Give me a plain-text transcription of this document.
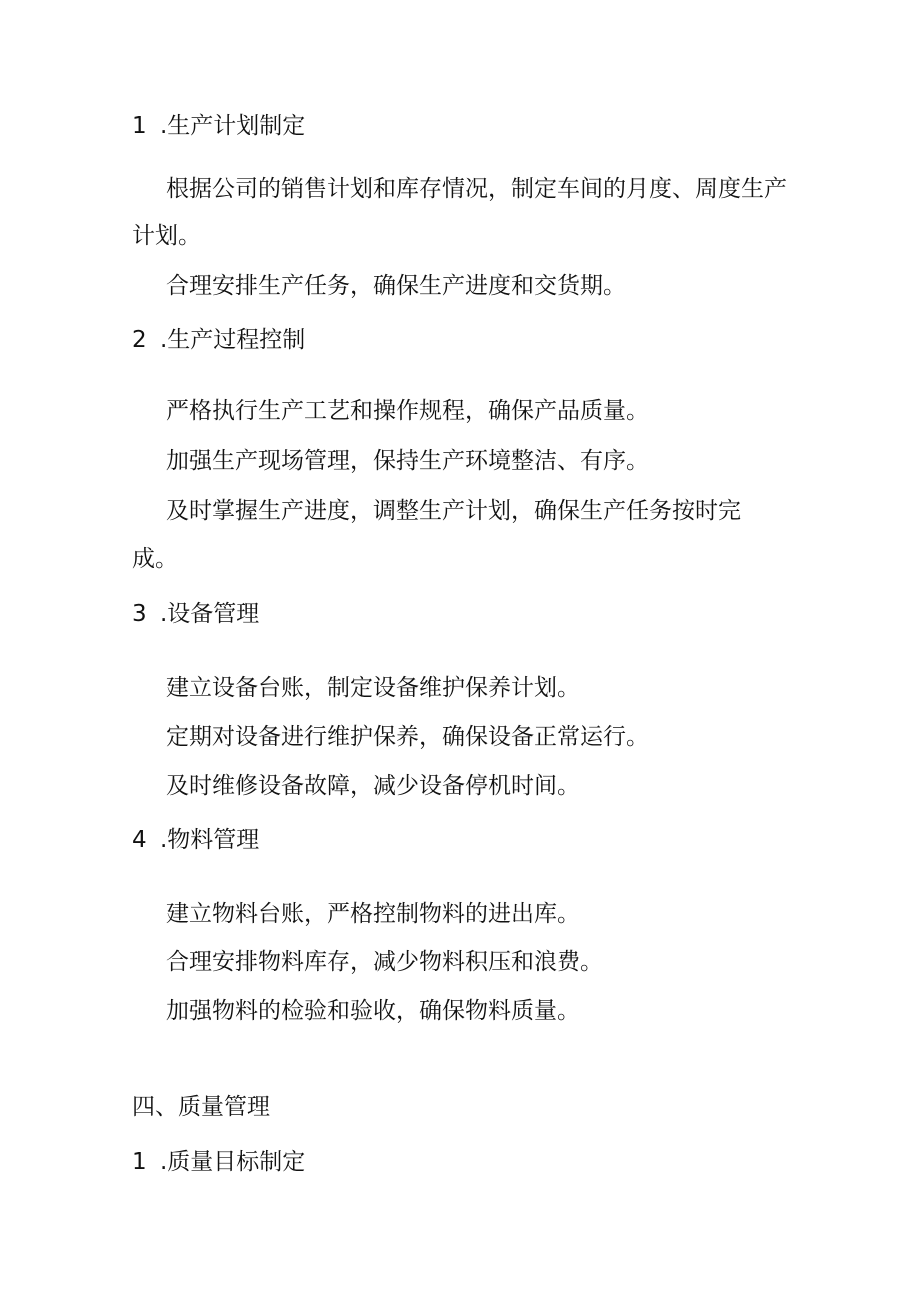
1 .生产计划制定
根据公司的销售计划和库存情况，制定车间的月度、周度生产
计划。
合理安排生产任务，确保生产进度和交货期。
2 .生产过程控制
严格执行生产工艺和操作规程，确保产品质量。
加强生产现场管理，保持生产环境整洁、有序。
及时掌握生产进度，调整生产计划，确保生产任务按时完
成。
3 .设备管理
建立设备台账，制定设备维护保养计划。
定期对设备进行维护保养，确保设备正常运行。
及时维修设备故障，减少设备停机时间。
4 .物料管理
建立物料台账，严格控制物料的进出库。
合理安排物料库存，减少物料积压和浪费。
加强物料的检验和验收，确保物料质量。
四、质量管理
1 .质量目标制定
